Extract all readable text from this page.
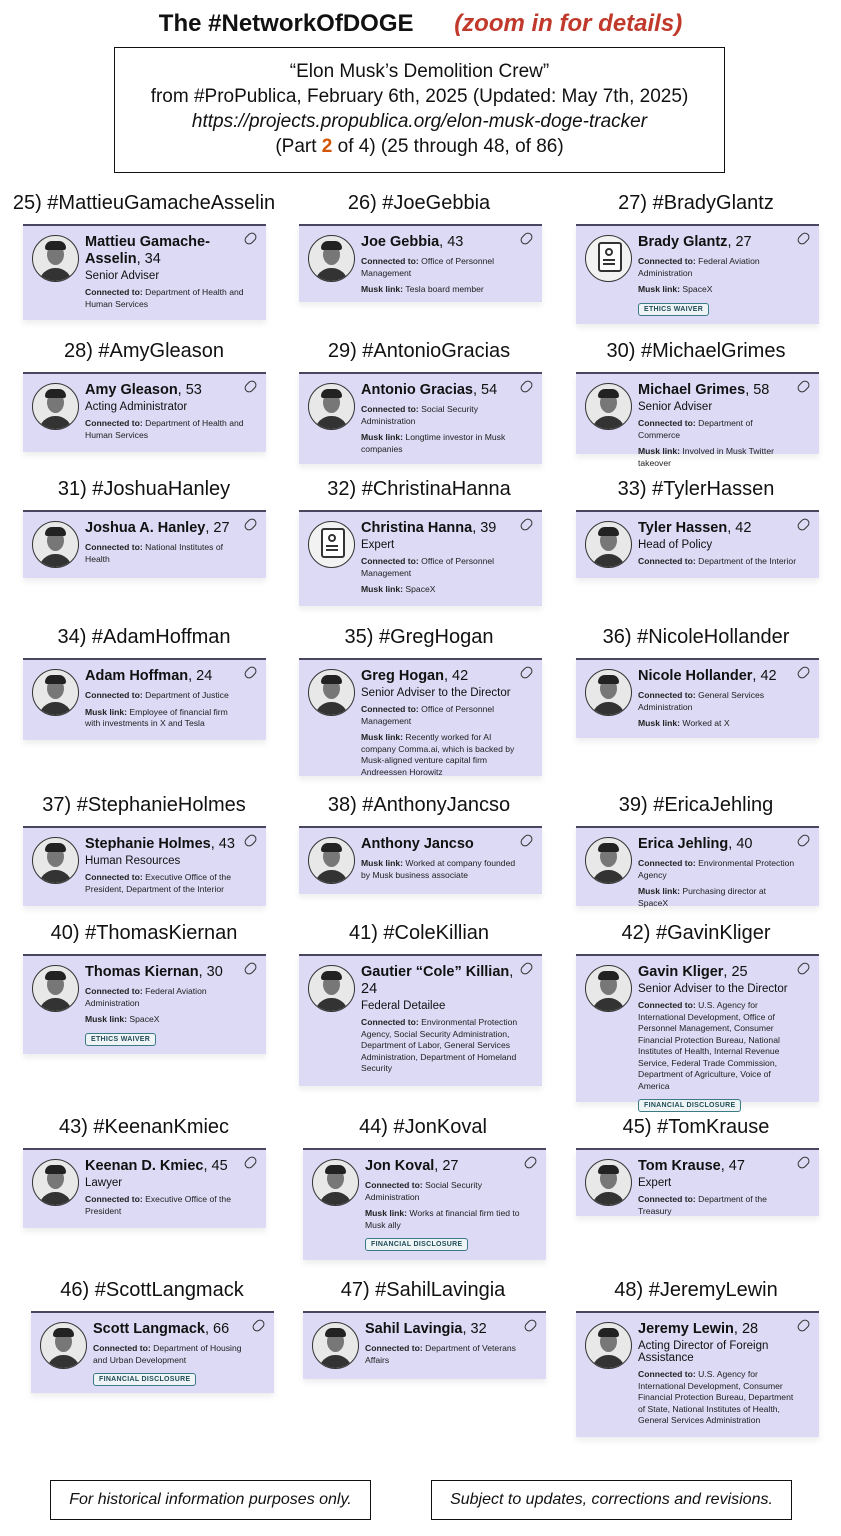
The #NetworkOfDOGE (zoom in for details)
“Elon Musk’s Demolition Crew”
from #ProPublica, February 6th, 2025 (Updated: May 7th, 2025)
https://projects.propublica.org/elon-musk-doge-tracker
(Part 2 of 4) (25 through 48, of 86)
25) #MattieuGamacheAsselin
Mattieu Gamache-Asselin, 34
Senior Adviser
Connected to: Department of Health and Human Services
26) #JoeGebbia
Joe Gebbia, 43
Connected to: Office of Personnel Management
Musk link: Tesla board member
27) #BradyGlantz
Brady Glantz, 27
Connected to: Federal Aviation Administration
Musk link: SpaceX
ETHICS WAIVER
28) #AmyGleason
Amy Gleason, 53
Acting Administrator
Connected to: Department of Health and Human Services
29) #AntonioGracias
Antonio Gracias, 54
Connected to: Social Security Administration
Musk link: Longtime investor in Musk companies
30) #MichaelGrimes
Michael Grimes, 58
Senior Adviser
Connected to: Department of Commerce
Musk link: Involved in Musk Twitter takeover
31) #JoshuaHanley
Joshua A. Hanley, 27
Connected to: National Institutes of Health
32) #ChristinaHanna
Christina Hanna, 39
Expert
Connected to: Office of Personnel Management
Musk link: SpaceX
33) #TylerHassen
Tyler Hassen, 42
Head of Policy
Connected to: Department of the Interior
34) #AdamHoffman
Adam Hoffman, 24
Connected to: Department of Justice
Musk link: Employee of financial firm with investments in X and Tesla
35) #GregHogan
Greg Hogan, 42
Senior Adviser to the Director
Connected to: Office of Personnel Management
Musk link: Recently worked for AI company Comma.ai, which is backed by Musk-aligned venture capital firm Andreessen Horowitz
36) #NicoleHollander
Nicole Hollander, 42
Connected to: General Services Administration
Musk link: Worked at X
37) #StephanieHolmes
Stephanie Holmes, 43
Human Resources
Connected to: Executive Office of the President, Department of the Interior
38) #AnthonyJancso
Anthony Jancso
Musk link: Worked at company founded by Musk business associate
39) #EricaJehling
Erica Jehling, 40
Connected to: Environmental Protection Agency
Musk link: Purchasing director at SpaceX
40) #ThomasKiernan
Thomas Kiernan, 30
Connected to: Federal Aviation Administration
Musk link: SpaceX
ETHICS WAIVER
41) #ColeKillian
Gautier “Cole” Killian, 24
Federal Detailee
Connected to: Environmental Protection Agency, Social Security Administration, Department of Labor, General Services Administration, Department of Homeland Security
42) #GavinKliger
Gavin Kliger, 25
Senior Adviser to the Director
Connected to: U.S. Agency for International Development, Office of Personnel Management, Consumer Financial Protection Bureau, National Institutes of Health, Internal Revenue Service, Federal Trade Commission, Department of Agriculture, Voice of America
FINANCIAL DISCLOSURE
43) #KeenanKmiec
Keenan D. Kmiec, 45
Lawyer
Connected to: Executive Office of the President
44) #JonKoval
Jon Koval, 27
Connected to: Social Security Administration
Musk link: Works at financial firm tied to Musk ally
FINANCIAL DISCLOSURE
45) #TomKrause
Tom Krause, 47
Expert
Connected to: Department of the Treasury
46) #ScottLangmack
Scott Langmack, 66
Connected to: Department of Housing and Urban Development
FINANCIAL DISCLOSURE
47) #SahilLavingia
Sahil Lavingia, 32
Connected to: Department of Veterans Affairs
48) #JeremyLewin
Jeremy Lewin, 28
Acting Director of Foreign Assistance
Connected to: U.S. Agency for International Development, Consumer Financial Protection Bureau, Department of State, National Institutes of Health, General Services Administration
For historical information purposes only.	Subject to updates, corrections and revisions.
